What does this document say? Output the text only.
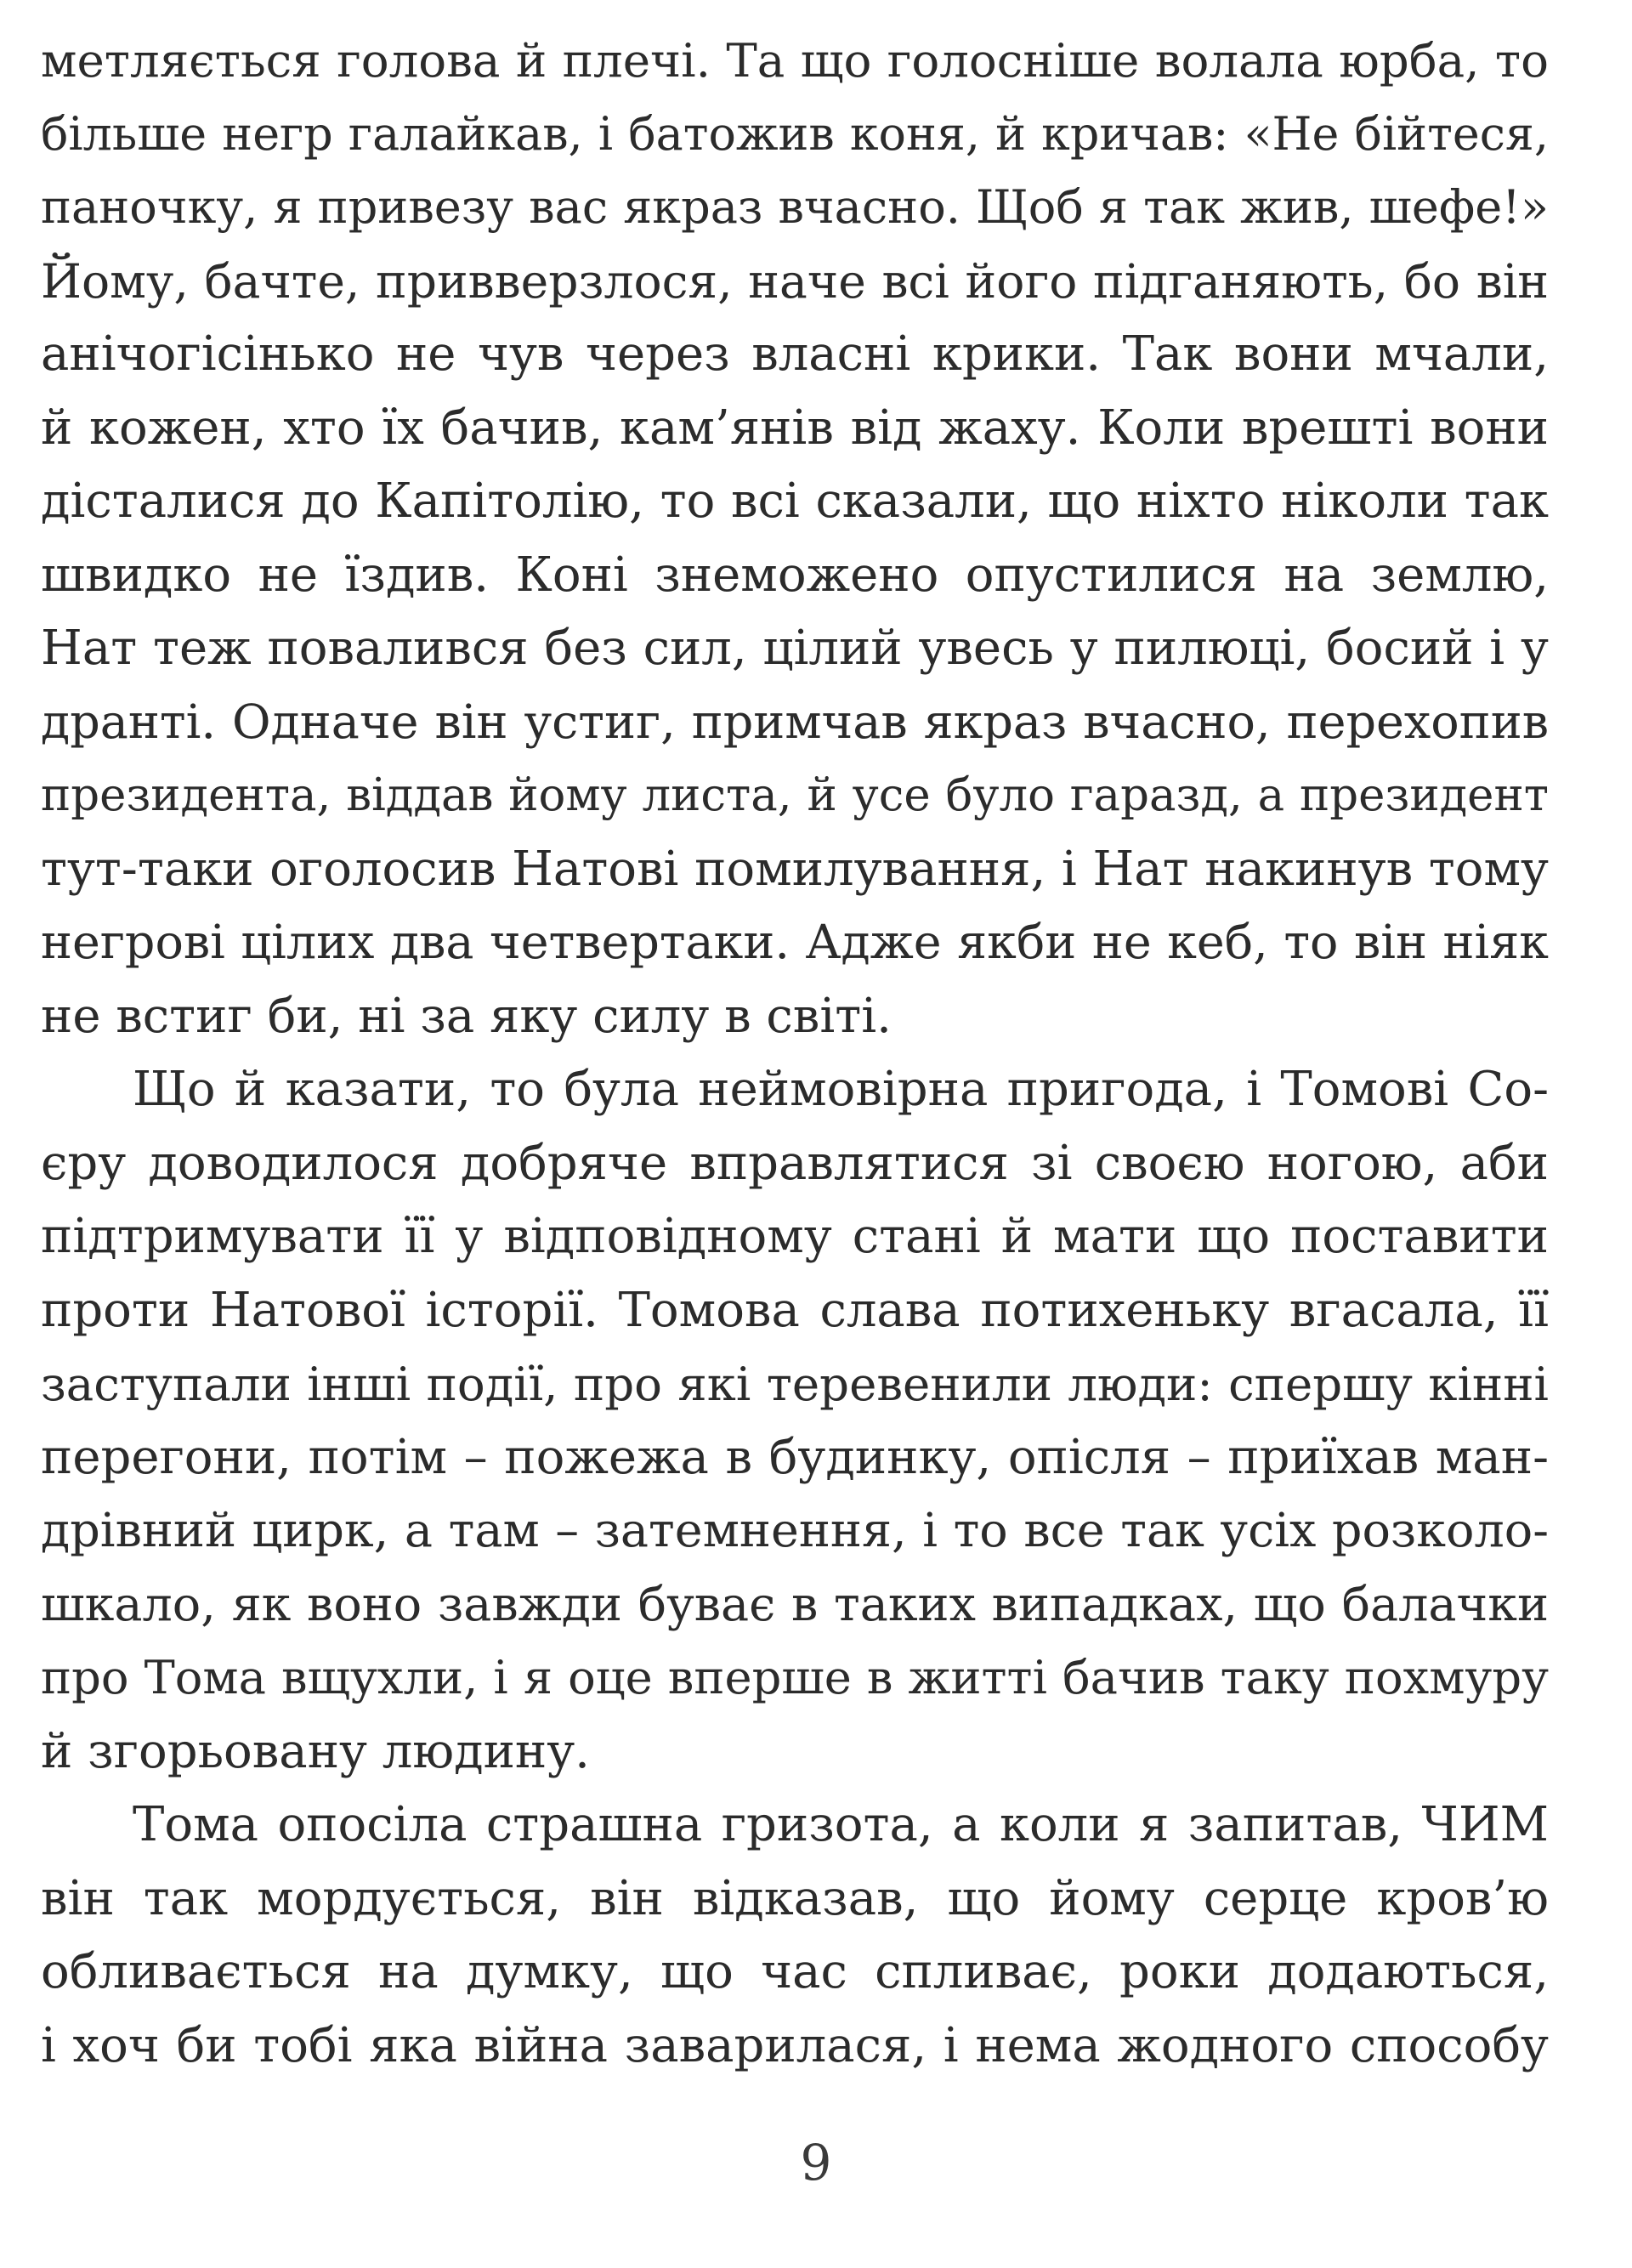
метляється голова й плечі. Та що голосніше волала юрба, то
більше негр галайкав, і батожив коня, й кричав: «Не бійтеся,
паночку, я привезу вас якраз вчасно. Щоб я так жив, шефе!»
Йому, бачте, привверзлося, наче всі його підганяють, бо він
анічогісінько не чув через власні крики. Так вони мчали,
й кожен, хто їх бачив, кам’янів від жаху. Коли врешті вони
дісталися до Капітолію, то всі сказали, що ніхто ніколи так
швидко не їздив. Коні знеможено опустилися на землю,
Нат теж повалився без сил, цілий увесь у пилюці, босий і у
дранті. Одначе він устиг, примчав якраз вчасно, перехопив
президента, віддав йому листа, й усе було гаразд, а президент
тут-таки оголосив Натові помилування, і Нат накинув тому
негрові цілих два четвертаки. Адже якби не кеб, то він ніяк
не встиг би, ні за яку силу в світі.

Що й казати, то була неймовірна пригода, і Томові Со-
єру доводилося добряче вправлятися зі своєю ногою, аби
підтримувати її у відповідному стані й мати що поставити
проти Натової історії. Томова слава потихеньку вгасала, її
заступали інші події, про які теревенили люди: спершу кінні
перегони, потім – пожежа в будинку, опісля – приїхав ман-
дрівний цирк, а там – затемнення, і то все так усіх розколо-
шкало, як воно завжди буває в таких випадках, що балачки
про Тома вщухли, і я оце вперше в житті бачив таку похмуру
й згорьовану людину.

Тома опосіла страшна гризота, а коли я запитав, ЧИМ
він так мордується, він відказав, що йому серце кров’ю
обливається на думку, що час спливає, роки додаються,
і хоч би тобі яка війна заварилася, і нема жодного способу

9
